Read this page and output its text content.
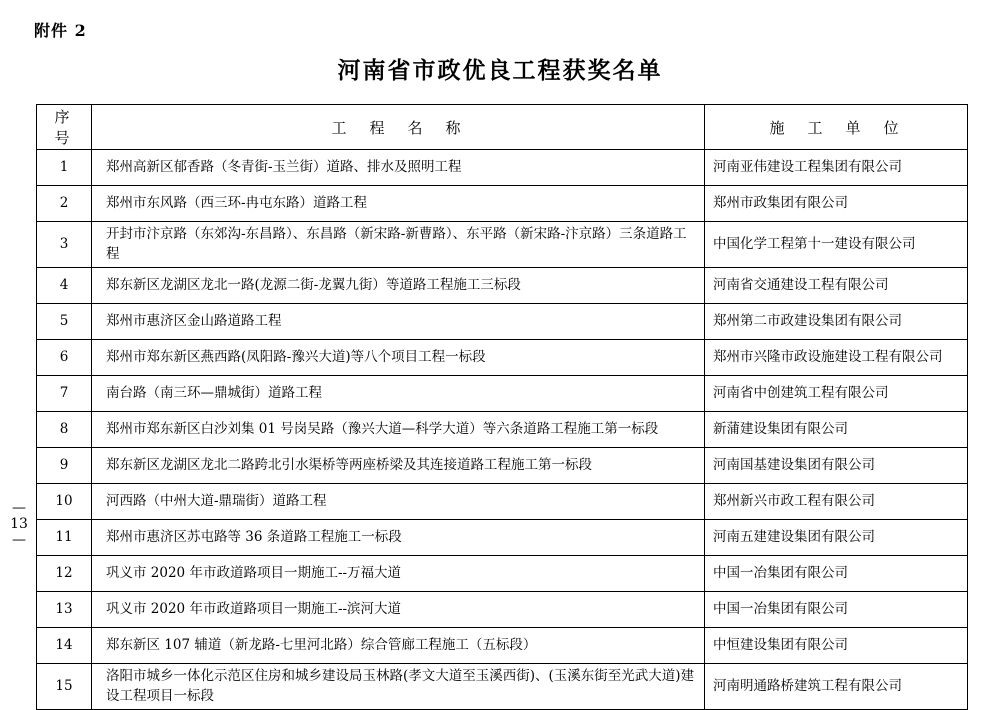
附件 2
河南省市政优良工程获奖名单
— 13 —
序　号	工　程　名　称	施　工　单　位
1	郑州高新区郁香路（冬青街-玉兰街）道路、排水及照明工程	河南亚伟建设工程集团有限公司
2	郑州市东风路（西三环-冉屯东路）道路工程	郑州市政集团有限公司
3	开封市汴京路（东郊沟-东昌路）、东昌路（新宋路-新曹路）、东平路（新宋路-汴京路）三条道路工程	中国化学工程第十一建设有限公司
4	郑东新区龙湖区龙北一路(龙源二街-龙翼九街）等道路工程施工三标段	河南省交通建设工程有限公司
5	郑州市惠济区金山路道路工程	郑州第二市政建设集团有限公司
6	郑州市郑东新区燕西路(凤阳路-豫兴大道)等八个项目工程一标段	郑州市兴隆市政设施建设工程有限公司
7	南台路（南三环—鼎城街）道路工程	河南省中创建筑工程有限公司
8	郑州市郑东新区白沙刘集 01 号岗吴路（豫兴大道—科学大道）等六条道路工程施工第一标段	新蒲建设集团有限公司
9	郑东新区龙湖区龙北二路跨北引水渠桥等两座桥梁及其连接道路工程施工第一标段	河南国基建设集团有限公司
10	河西路（中州大道-鼎瑞街）道路工程	郑州新兴市政工程有限公司
11	郑州市惠济区苏屯路等 36 条道路工程施工一标段	河南五建建设集团有限公司
12	巩义市 2020 年市政道路项目一期施工--万福大道	中国一冶集团有限公司
13	巩义市 2020 年市政道路项目一期施工--滨河大道	中国一冶集团有限公司
14	郑东新区 107 辅道（新龙路-七里河北路）综合管廊工程施工（五标段）	中恒建设集团有限公司
15	洛阳市城乡一体化示范区住房和城乡建设局玉林路(孝文大道至玉溪西街)、(玉溪东街至光武大道)建设工程项目一标段	河南明通路桥建筑工程有限公司
